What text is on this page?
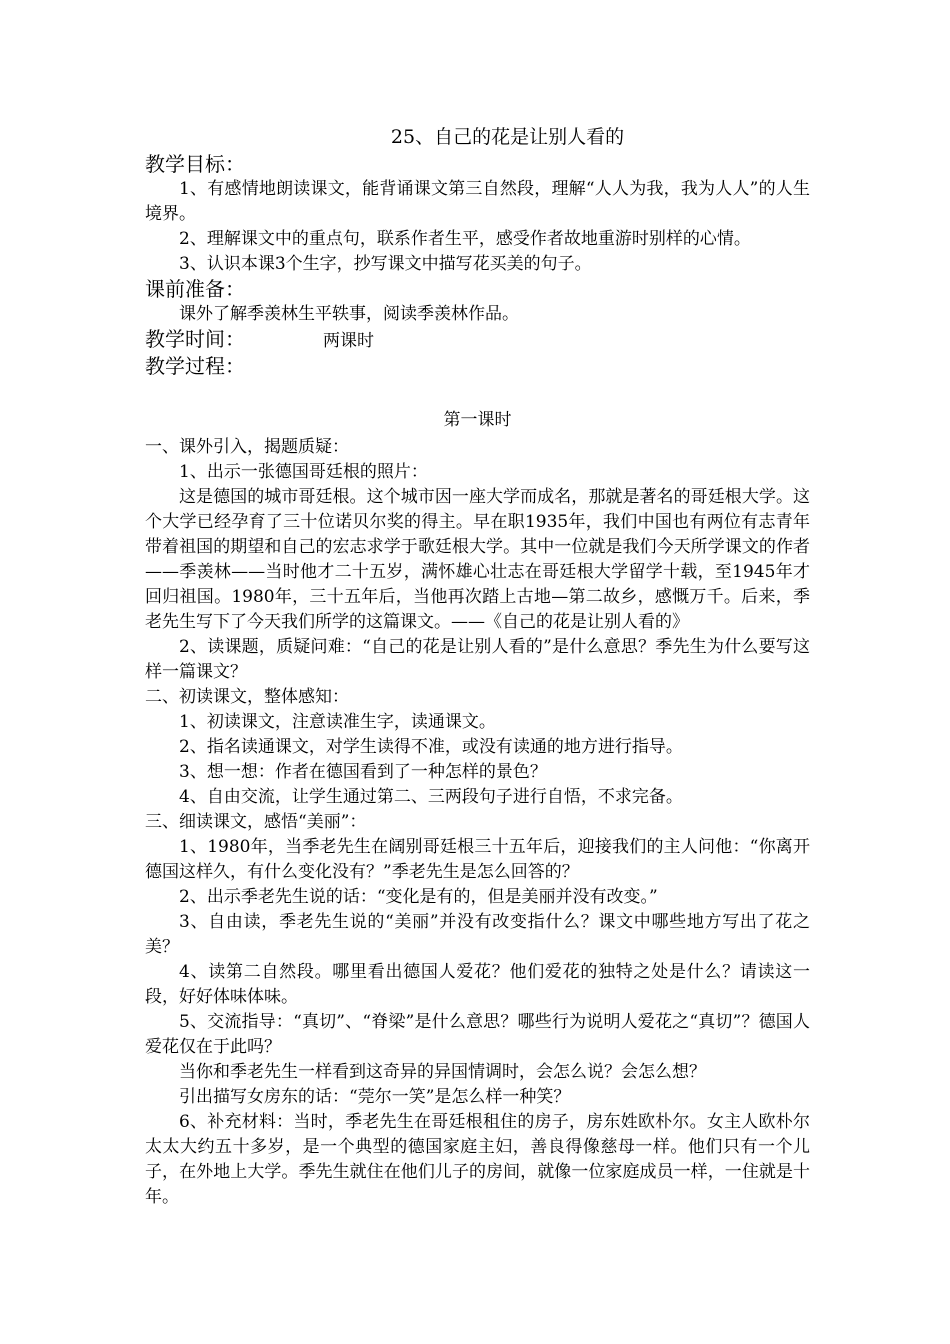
25、自己的花是让别人看的
教学目标：
1、有感情地朗读课文，能背诵课文第三自然段，理解“人人为我，我为人人”的人生境界。
2、理解课文中的重点句，联系作者生平，感受作者故地重游时别样的心情。
3、认识本课3个生字，抄写课文中描写花买美的句子。
课前准备：
课外了解季羡林生平轶事，阅读季羡林作品。
教学时间：	两课时
教学过程：
第一课时
一、课外引入，揭题质疑：
1、出示一张德国哥廷根的照片：
这是德国的城市哥廷根。这个城市因一座大学而成名，那就是著名的哥廷根大学。这个大学已经孕育了三十位诺贝尔奖的得主。早在职1935年，我们中国也有两位有志青年带着祖国的期望和自己的宏志求学于歌廷根大学。其中一位就是我们今天所学课文的作者——季羡林——当时他才二十五岁，满怀雄心壮志在哥廷根大学留学十载，至1945年才回归祖国。1980年，三十五年后，当他再次踏上古地—第二故乡，感慨万千。后来，季老先生写下了今天我们所学的这篇课文。——《自己的花是让别人看的》
2、读课题，质疑问难：“自己的花是让别人看的”是什么意思？季先生为什么要写这样一篇课文？
二、初读课文，整体感知：
1、初读课文，注意读准生字，读通课文。
2、指名读通课文，对学生读得不准，或没有读通的地方进行指导。
3、想一想：作者在德国看到了一种怎样的景色？
4、自由交流，让学生通过第二、三两段句子进行自悟，不求完备。
三、细读课文，感悟“美丽”：
1、1980年，当季老先生在阔别哥廷根三十五年后，迎接我们的主人问他：“你离开德国这样久，有什么变化没有？”季老先生是怎么回答的？
2、出示季老先生说的话：“变化是有的，但是美丽并没有改变。”
3、自由读，季老先生说的“美丽”并没有改变指什么？课文中哪些地方写出了花之美？
4、读第二自然段。哪里看出德国人爱花？他们爱花的独特之处是什么？请读这一段，好好体味体味。
5、交流指导：“真切”、“脊梁”是什么意思？哪些行为说明人爱花之“真切”？德国人爱花仅在于此吗？
当你和季老先生一样看到这奇异的异国情调时，会怎么说？会怎么想？
引出描写女房东的话：“莞尔一笑”是怎么样一种笑？
6、补充材料：当时，季老先生在哥廷根租住的房子，房东姓欧朴尔。女主人欧朴尔太太大约五十多岁，是一个典型的德国家庭主妇，善良得像慈母一样。他们只有一个儿子，在外地上大学。季先生就住在他们儿子的房间，就像一位家庭成员一样，一住就是十年。
